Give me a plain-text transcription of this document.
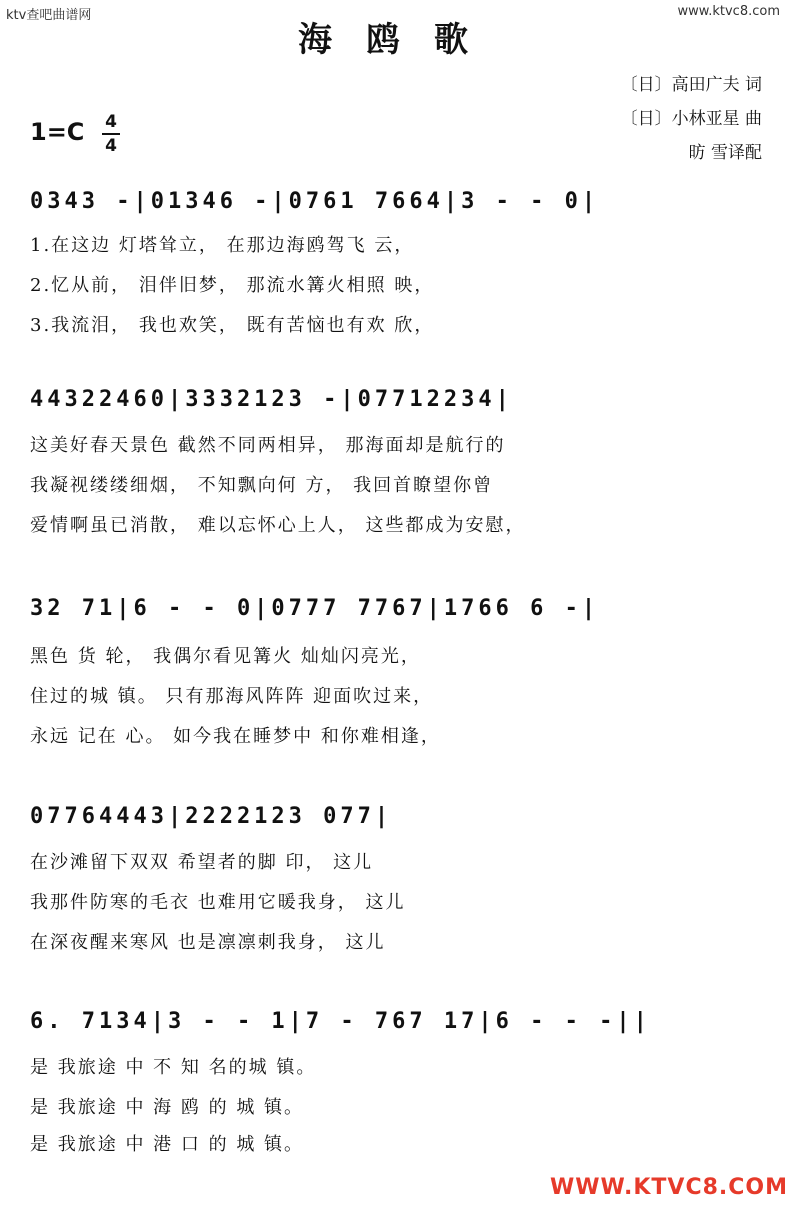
ktv查吧曲谱网	www.ktvc8.com
海鸥歌
〔日〕高田广夫 词
〔日〕小林亚星 曲
昉 雪译配
1=C 4
4
0343 -|01346 -|0761 7664|3 - - 0|
1.在这边 灯塔耸立， 在那边海鸥驾飞 云，
2.忆从前， 泪伴旧梦， 那流水篝火相照 映，
3.我流泪， 我也欢笑， 既有苦恼也有欢 欣，
44322460|3332123 -|07712234|
这美好春天景色 截然不同两相异， 那海面却是航行的
我凝视缕缕细烟， 不知飘向何 方， 我回首瞭望你曾
爱情啊虽已消散， 难以忘怀心上人， 这些都成为安慰，
32 71|6 - - 0|0777 7767|1766 6 -|
黑色 货 轮， 我偶尔看见篝火 灿灿闪亮光，
住过的城 镇。 只有那海风阵阵 迎面吹过来，
永远 记在 心。 如今我在睡梦中 和你难相逢，
07764443|2222123 077|
在沙滩留下双双 希望者的脚 印， 这儿
我那件防寒的毛衣 也难用它暖我身， 这儿
在深夜醒来寒风 也是凛凛刺我身， 这儿
6. 7134|3 - - 1|7 - 767 17|6 - - -||
是 我旅途 中 不 知 名的城 镇。
是 我旅途 中 海 鸥 的 城 镇。
是 我旅途 中 港 口 的 城 镇。
WWW.KTVC8.COM
